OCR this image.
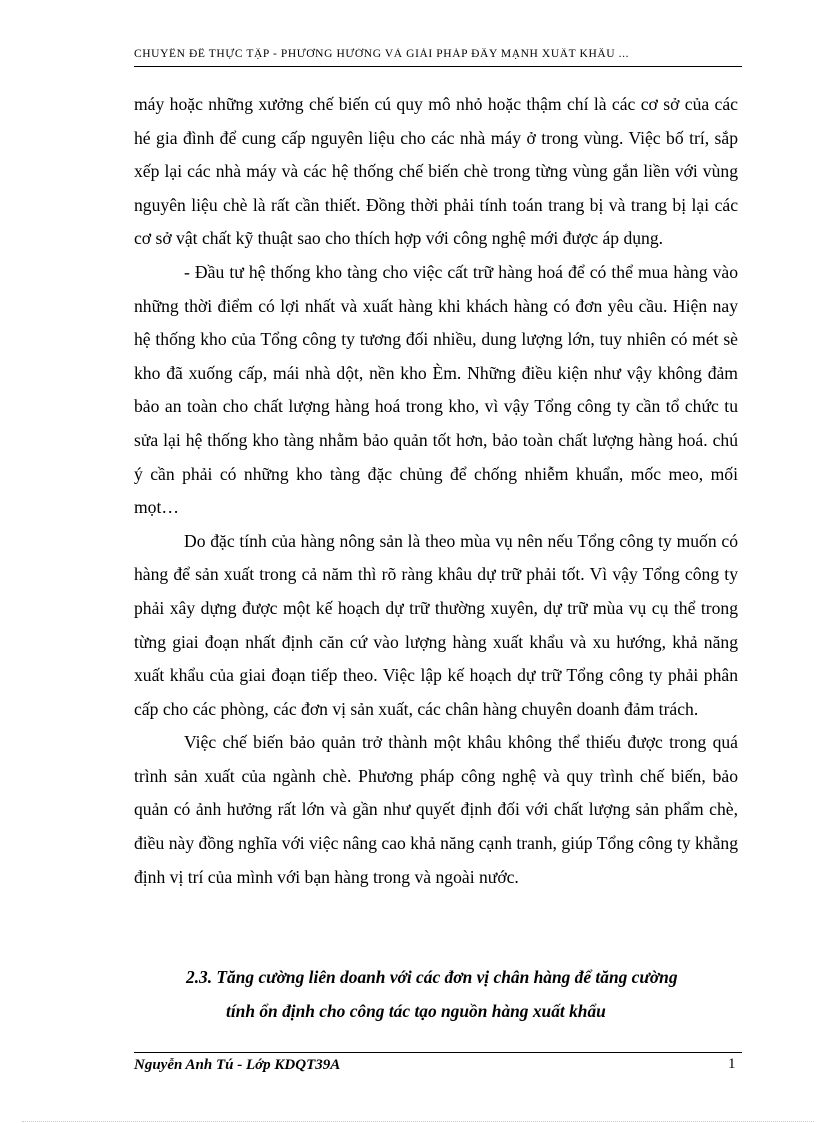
CHUYÊN ĐỀ THỰC TẬP - PHƯƠNG HƯỚNG VÀ GIẢI PHÁP ĐẨY MẠNH XUẤT KHẨU ...

máy hoặc những xưởng chế biến cú quy mô nhỏ hoặc thậm chí là các cơ sở của các hé gia đình để cung cấp nguyên liệu cho các nhà máy ở trong vùng. Việc bố trí, sắp xếp lại các nhà máy và các hệ thống chế biến chè trong từng vùng gắn liền với vùng nguyên liệu chè là rất cần thiết. Đồng thời phải tính toán trang bị và trang bị lại các cơ sở vật chất kỹ thuật sao cho thích hợp với công nghệ mới được áp dụng.

- Đầu tư hệ thống kho tàng cho việc cất trữ hàng hoá để có thể mua hàng vào những thời điểm có lợi nhất và xuất hàng khi khách hàng có đơn yêu cầu. Hiện nay hệ thống kho của Tổng công ty tương đối nhiều, dung lượng lớn, tuy nhiên có mét sè kho đã xuống cấp, mái nhà dột, nền kho Èm. Những điều kiện như vậy không đảm bảo an toàn cho chất lượng hàng hoá trong kho, vì vậy Tổng công ty cần tổ chức tu sửa lại hệ thống kho tàng nhằm bảo quản tốt hơn, bảo toàn chất lượng hàng hoá. chú ý cần phải có những kho tàng đặc chủng để chống nhiễm khuẩn, mốc meo, mối mọt…

Do đặc tính của hàng nông sản là theo mùa vụ nên nếu Tổng công ty muốn có hàng để sản xuất trong cả năm thì rõ ràng khâu dự trữ phải tốt. Vì vậy Tổng công ty phải xây dựng được một kế hoạch dự trữ thường xuyên, dự trữ mùa vụ cụ thể trong từng giai đoạn nhất định căn cứ vào lượng hàng xuất khẩu và xu hướng, khả năng xuất khẩu của giai đoạn tiếp theo. Việc lập kế hoạch dự trữ Tổng công ty phải phân cấp cho các phòng, các đơn vị sản xuất, các chân hàng chuyên doanh đảm trách.

Việc chế biến bảo quản trở thành một khâu không thể thiếu được trong quá trình sản xuất của ngành chè. Phương pháp công nghệ và quy trình chế biến, bảo quản có ảnh hưởng rất lớn và gần như quyết định đối với chất lượng sản phẩm chè, điều này đồng nghĩa với việc nâng cao khả năng cạnh tranh, giúp Tổng công ty khẳng định vị trí của mình với bạn hàng trong và ngoài nước.

2.3. Tăng cường liên doanh với các đơn vị chân hàng để tăng cường
tính ổn định cho công tác tạo nguồn hàng xuất khẩu
Nguyễn Anh Tú - Lớp KDQT39A	1
